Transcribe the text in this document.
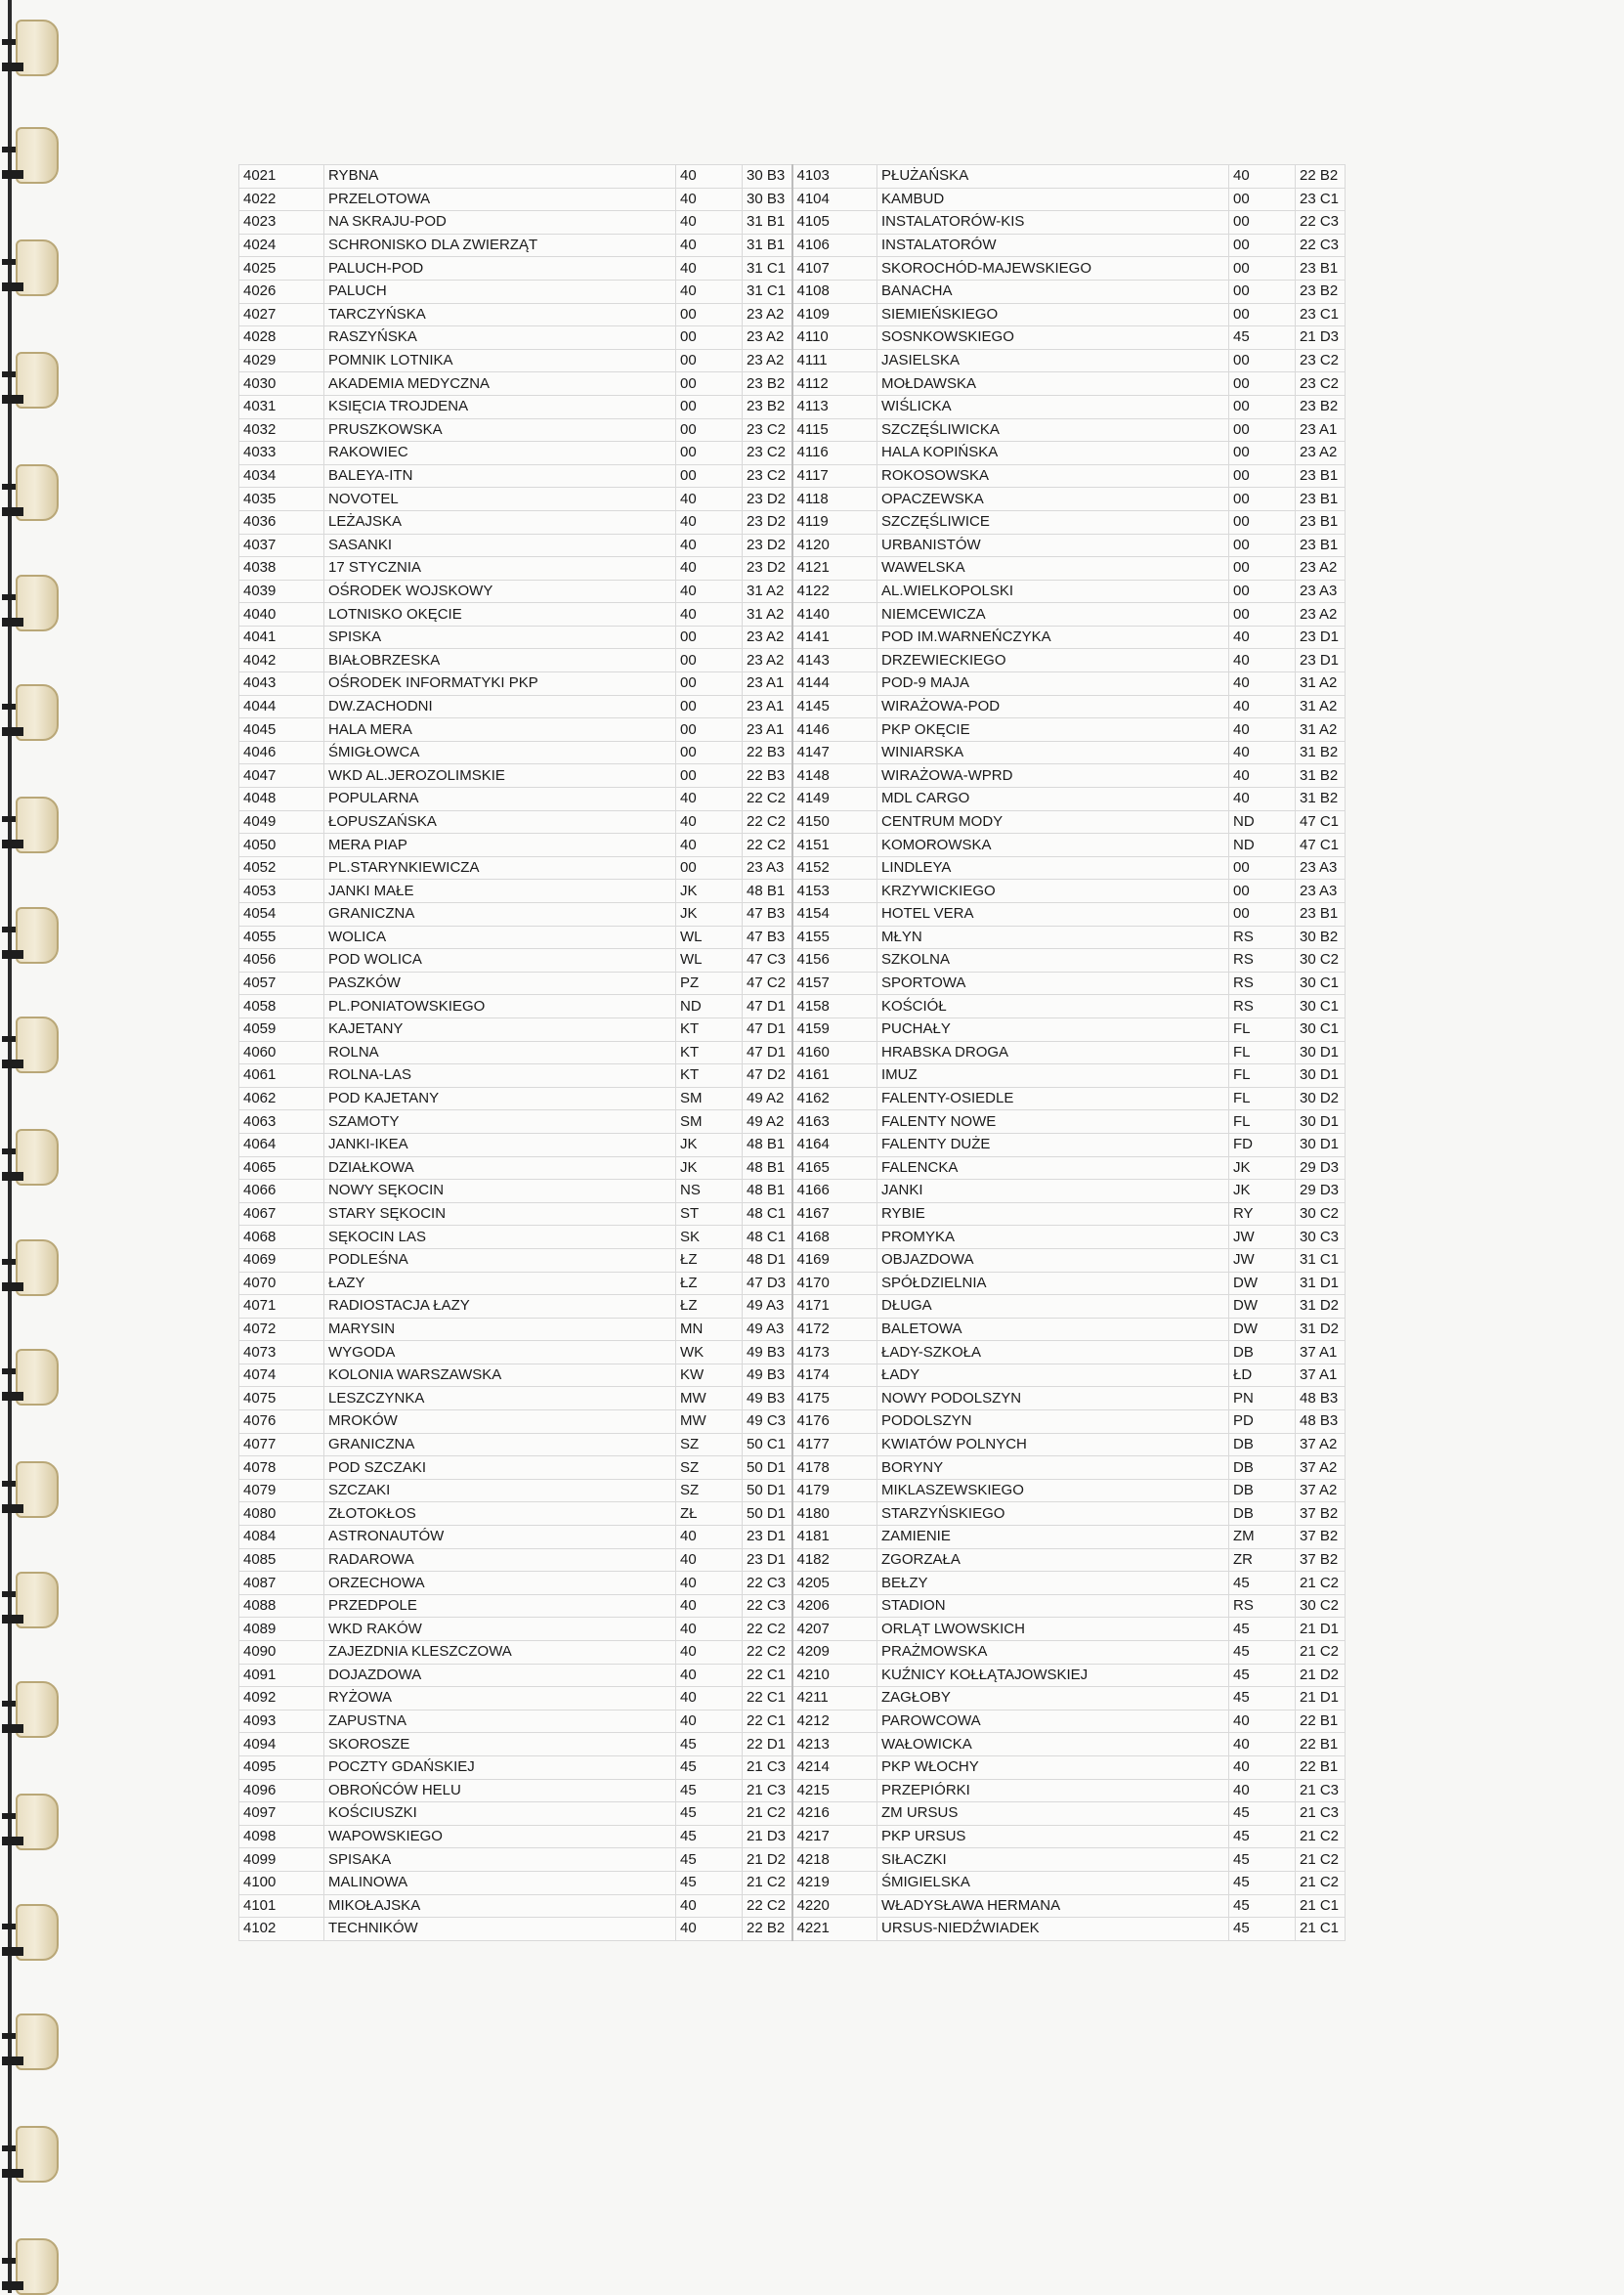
4021	RYBNA	40	30 B3	4103	PŁUŻAŃSKA	40	22 B2
4022	PRZELOTOWA	40	30 B3	4104	KAMBUD	00	23 C1
4023	NA SKRAJU-POD	40	31 B1	4105	INSTALATORÓW-KIS	00	22 C3
4024	SCHRONISKO DLA ZWIERZĄT	40	31 B1	4106	INSTALATORÓW	00	22 C3
4025	PALUCH-POD	40	31 C1	4107	SKOROCHÓD-MAJEWSKIEGO	00	23 B1
4026	PALUCH	40	31 C1	4108	BANACHA	00	23 B2
4027	TARCZYŃSKA	00	23 A2	4109	SIEMIEŃSKIEGO	00	23 C1
4028	RASZYŃSKA	00	23 A2	4110	SOSNKOWSKIEGO	45	21 D3
4029	POMNIK LOTNIKA	00	23 A2	4111	JASIELSKA	00	23 C2
4030	AKADEMIA MEDYCZNA	00	23 B2	4112	MOŁDAWSKA	00	23 C2
4031	KSIĘCIA TROJDENA	00	23 B2	4113	WIŚLICKA	00	23 B2
4032	PRUSZKOWSKA	00	23 C2	4115	SZCZĘŚLIWICKA	00	23 A1
4033	RAKOWIEC	00	23 C2	4116	HALA KOPIŃSKA	00	23 A2
4034	BALEYA-ITN	00	23 C2	4117	ROKOSOWSKA	00	23 B1
4035	NOVOTEL	40	23 D2	4118	OPACZEWSKA	00	23 B1
4036	LEŻAJSKA	40	23 D2	4119	SZCZĘŚLIWICE	00	23 B1
4037	SASANKI	40	23 D2	4120	URBANISTÓW	00	23 B1
4038	17 STYCZNIA	40	23 D2	4121	WAWELSKA	00	23 A2
4039	OŚRODEK WOJSKOWY	40	31 A2	4122	AL.WIELKOPOLSKI	00	23 A3
4040	LOTNISKO OKĘCIE	40	31 A2	4140	NIEMCEWICZA	00	23 A2
4041	SPISKA	00	23 A2	4141	POD IM.WARNEŃCZYKA	40	23 D1
4042	BIAŁOBRZESKA	00	23 A2	4143	DRZEWIECKIEGO	40	23 D1
4043	OŚRODEK INFORMATYKI PKP	00	23 A1	4144	POD-9 MAJA	40	31 A2
4044	DW.ZACHODNI	00	23 A1	4145	WIRAŻOWA-POD	40	31 A2
4045	HALA MERA	00	23 A1	4146	PKP OKĘCIE	40	31 A2
4046	ŚMIGŁOWCA	00	22 B3	4147	WINIARSKA	40	31 B2
4047	WKD AL.JEROZOLIMSKIE	00	22 B3	4148	WIRAŻOWA-WPRD	40	31 B2
4048	POPULARNA	40	22 C2	4149	MDL CARGO	40	31 B2
4049	ŁOPUSZAŃSKA	40	22 C2	4150	CENTRUM MODY	ND	47 C1
4050	MERA PIAP	40	22 C2	4151	KOMOROWSKA	ND	47 C1
4052	PL.STARYNKIEWICZA	00	23 A3	4152	LINDLEYA	00	23 A3
4053	JANKI MAŁE	JK	48 B1	4153	KRZYWICKIEGO	00	23 A3
4054	GRANICZNA	JK	47 B3	4154	HOTEL VERA	00	23 B1
4055	WOLICA	WL	47 B3	4155	MŁYN	RS	30 B2
4056	POD WOLICA	WL	47 C3	4156	SZKOLNA	RS	30 C2
4057	PASZKÓW	PZ	47 C2	4157	SPORTOWA	RS	30 C1
4058	PL.PONIATOWSKIEGO	ND	47 D1	4158	KOŚCIÓŁ	RS	30 C1
4059	KAJETANY	KT	47 D1	4159	PUCHAŁY	FL	30 C1
4060	ROLNA	KT	47 D1	4160	HRABSKA DROGA	FL	30 D1
4061	ROLNA-LAS	KT	47 D2	4161	IMUZ	FL	30 D1
4062	POD KAJETANY	SM	49 A2	4162	FALENTY-OSIEDLE	FL	30 D2
4063	SZAMOTY	SM	49 A2	4163	FALENTY NOWE	FL	30 D1
4064	JANKI-IKEA	JK	48 B1	4164	FALENTY DUŻE	FD	30 D1
4065	DZIAŁKOWA	JK	48 B1	4165	FALENCKA	JK	29 D3
4066	NOWY SĘKOCIN	NS	48 B1	4166	JANKI	JK	29 D3
4067	STARY SĘKOCIN	ST	48 C1	4167	RYBIE	RY	30 C2
4068	SĘKOCIN LAS	SK	48 C1	4168	PROMYKA	JW	30 C3
4069	PODLEŚNA	ŁZ	48 D1	4169	OBJAZDOWA	JW	31 C1
4070	ŁAZY	ŁZ	47 D3	4170	SPÓŁDZIELNIA	DW	31 D1
4071	RADIOSTACJA ŁAZY	ŁZ	49 A3	4171	DŁUGA	DW	31 D2
4072	MARYSIN	MN	49 A3	4172	BALETOWA	DW	31 D2
4073	WYGODA	WK	49 B3	4173	ŁADY-SZKOŁA	DB	37 A1
4074	KOLONIA WARSZAWSKA	KW	49 B3	4174	ŁADY	ŁD	37 A1
4075	LESZCZYNKA	MW	49 B3	4175	NOWY PODOLSZYN	PN	48 B3
4076	MROKÓW	MW	49 C3	4176	PODOLSZYN	PD	48 B3
4077	GRANICZNA	SZ	50 C1	4177	KWIATÓW POLNYCH	DB	37 A2
4078	POD SZCZAKI	SZ	50 D1	4178	BORYNY	DB	37 A2
4079	SZCZAKI	SZ	50 D1	4179	MIKLASZEWSKIEGO	DB	37 A2
4080	ZŁOTOKŁOS	ZŁ	50 D1	4180	STARZYŃSKIEGO	DB	37 B2
4084	ASTRONAUTÓW	40	23 D1	4181	ZAMIENIE	ZM	37 B2
4085	RADAROWA	40	23 D1	4182	ZGORZAŁA	ZR	37 B2
4087	ORZECHOWA	40	22 C3	4205	BEŁZY	45	21 C2
4088	PRZEDPOLE	40	22 C3	4206	STADION	RS	30 C2
4089	WKD RAKÓW	40	22 C2	4207	ORLĄT LWOWSKICH	45	21 D1
4090	ZAJEZDNIA KLESZCZOWA	40	22 C2	4209	PRAŻMOWSKA	45	21 C2
4091	DOJAZDOWA	40	22 C1	4210	KUŹNICY KOŁŁĄTAJOWSKIEJ	45	21 D2
4092	RYŻOWA	40	22 C1	4211	ZAGŁOBY	45	21 D1
4093	ZAPUSTNA	40	22 C1	4212	PAROWCOWA	40	22 B1
4094	SKOROSZE	45	22 D1	4213	WAŁOWICKA	40	22 B1
4095	POCZTY GDAŃSKIEJ	45	21 C3	4214	PKP WŁOCHY	40	22 B1
4096	OBROŃCÓW HELU	45	21 C3	4215	PRZEPIÓRKI	40	21 C3
4097	KOŚCIUSZKI	45	21 C2	4216	ZM URSUS	45	21 C3
4098	WAPOWSKIEGO	45	21 D3	4217	PKP URSUS	45	21 C2
4099	SPISAKA	45	21 D2	4218	SIŁACZKI	45	21 C2
4100	MALINOWA	45	21 C2	4219	ŚMIGIELSKA	45	21 C2
4101	MIKOŁAJSKA	40	22 C2	4220	WŁADYSŁAWA HERMANA	45	21 C1
4102	TECHNIKÓW	40	22 B2	4221	URSUS-NIEDŹWIADEK	45	21 C1
